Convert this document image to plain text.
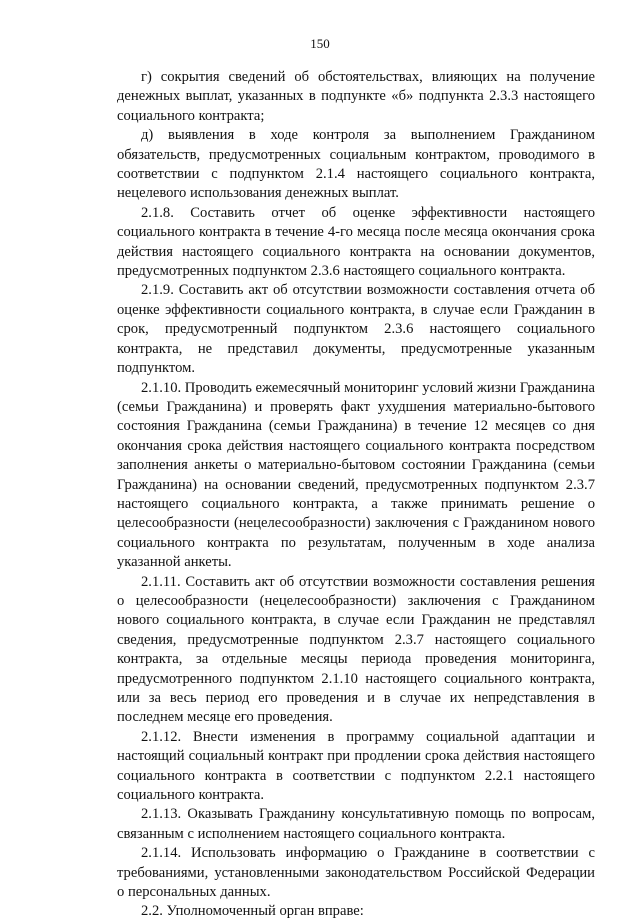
150

г) сокрытия сведений об обстоятельствах, влияющих на получение денежных выплат, указанных в подпункте «б» подпункта 2.3.3 настоящего социального контракта;

д) выявления в ходе контроля за выполнением Гражданином обязательств, предусмотренных социальным контрактом, проводимого в соответствии с подпунктом 2.1.4 настоящего социального контракта, нецелевого использования денежных выплат.

2.1.8. Составить отчет об оценке эффективности настоящего социального контракта в течение 4-го месяца после месяца окончания срока действия настоящего социального контракта на основании документов, предусмотренных подпунктом 2.3.6 настоящего социального контракта.

2.1.9. Составить акт об отсутствии возможности составления отчета об оценке эффективности социального контракта, в случае если Гражданин в срок, предусмотренный подпунктом 2.3.6 настоящего социального контракта, не представил документы, предусмотренные указанным подпунктом.

2.1.10. Проводить ежемесячный мониторинг условий жизни Гражданина (семьи Гражданина) и проверять факт ухудшения материально-бытового состояния Гражданина (семьи Гражданина) в течение 12 месяцев со дня окончания срока действия настоящего социального контракта посредством заполнения анкеты о материально-бытовом состоянии Гражданина (семьи Гражданина) на основании сведений, предусмотренных подпунктом 2.3.7 настоящего социального контракта, а также принимать решение о целесообразности (нецелесообразности) заключения с Гражданином нового социального контракта по результатам, полученным в ходе анализа указанной анкеты.

2.1.11. Составить акт об отсутствии возможности составления решения о целесообразности (нецелесообразности) заключения с Гражданином нового социального контракта, в случае если Гражданин не представлял сведения, предусмотренные подпунктом 2.3.7 настоящего социального контракта, за отдельные месяцы периода проведения мониторинга, предусмотренного подпунктом 2.1.10 настоящего социального контракта, или за весь период его проведения и в случае их непредставления в последнем месяце его проведения.

2.1.12. Внести изменения в программу социальной адаптации и настоящий социальный контракт при продлении срока действия настоящего социального контракта в соответствии с подпунктом 2.2.1 настоящего социального контракта.

2.1.13. Оказывать Гражданину консультативную помощь по вопросам, связанным с исполнением настоящего социального контракта.

2.1.14. Использовать информацию о Гражданине в соответствии с требованиями, установленными законодательством Российской Федерации о персональных данных.

2.2. Уполномоченный орган вправе:
